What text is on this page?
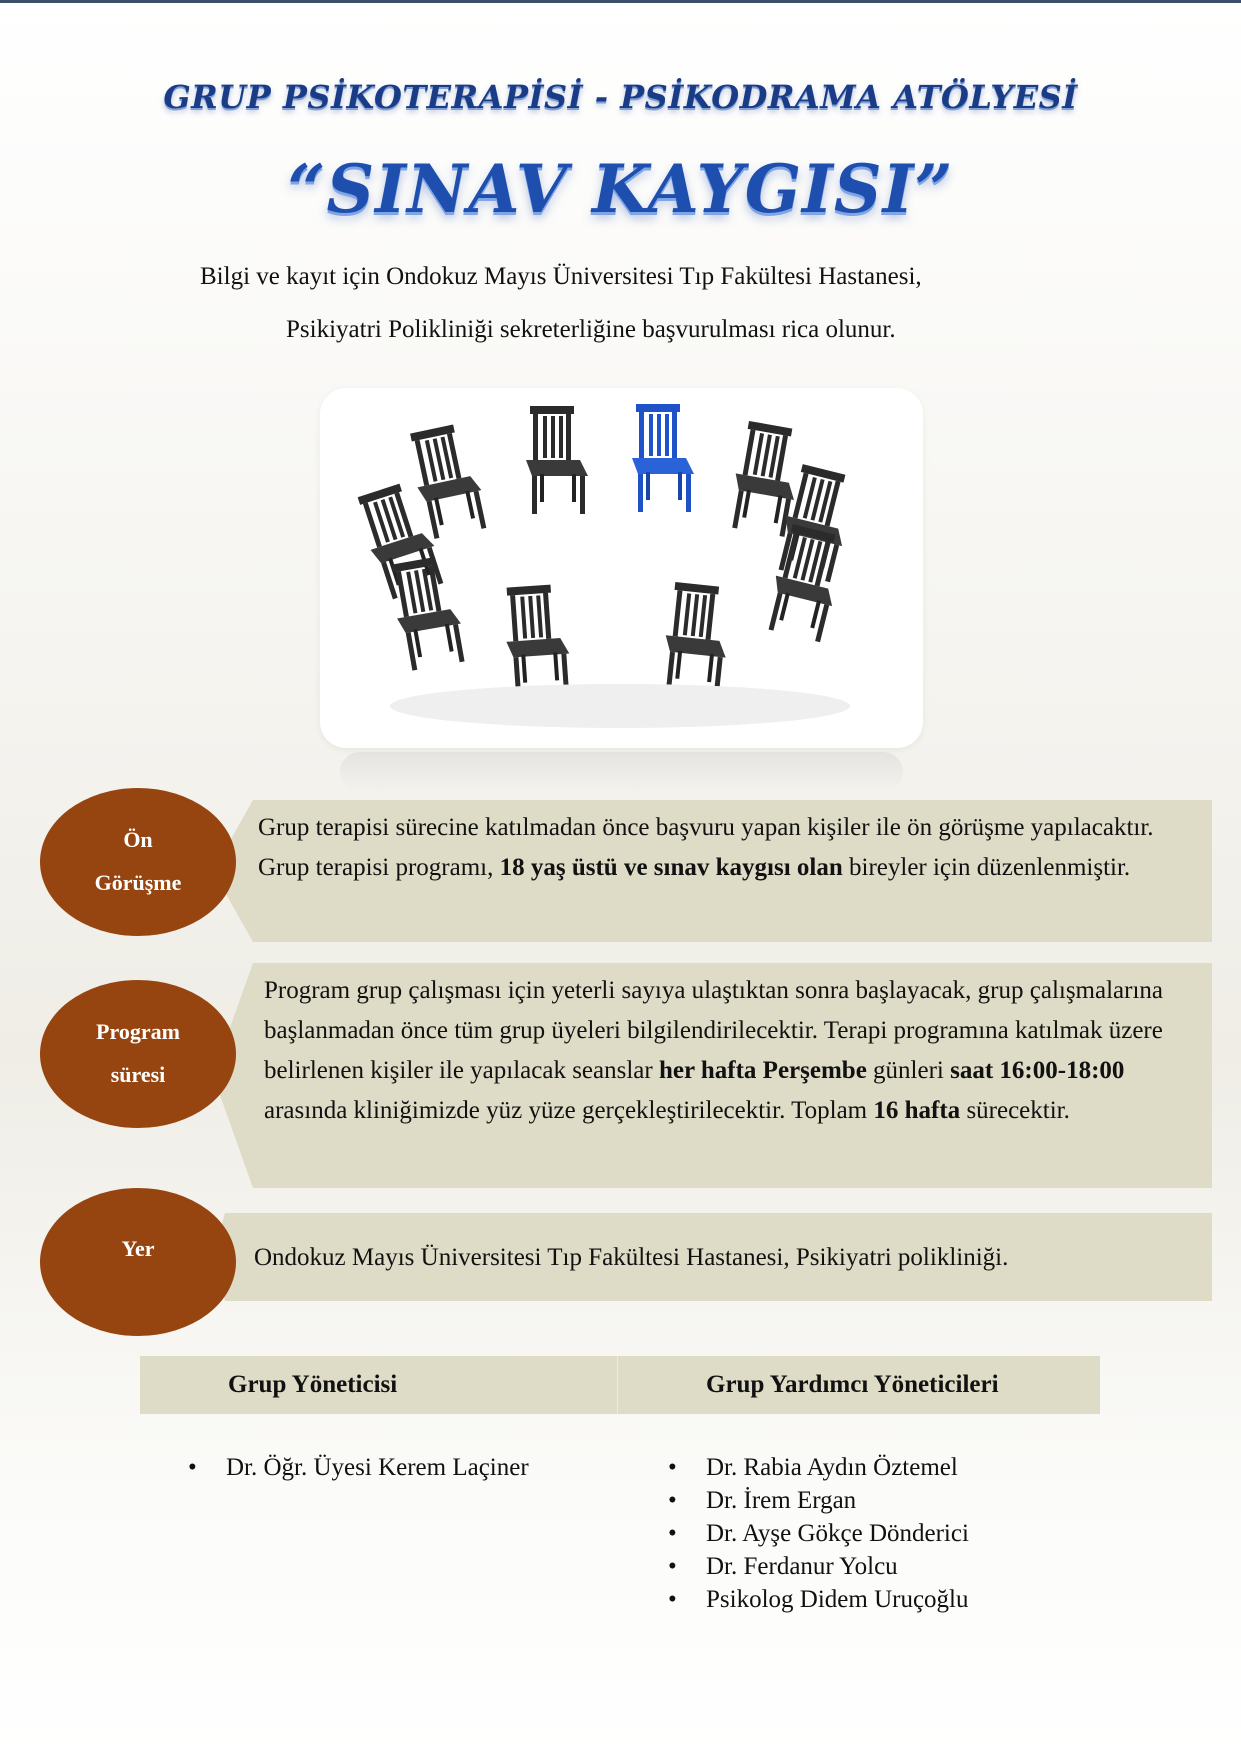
GRUP PSİKOTERAPİSİ - PSİKODRAMA ATÖLYESİ
“SINAV KAYGISI”
Bilgi ve kayıt için Ondokuz Mayıs Üniversitesi Tıp Fakültesi Hastanesi,
Psikiyatri Polikliniği sekreterliğine başvurulması rica olunur.
Ön
Görüşme
Grup terapisi sürecine katılmadan önce başvuru yapan kişiler ile ön görüşme yapılacaktır. Grup terapisi programı, 18 yaş üstü ve sınav kaygısı olan bireyler için düzenlenmiştir.
Program
süresi
Program grup çalışması için yeterli sayıya ulaştıktan sonra başlayacak, grup çalışmalarına başlanmadan önce tüm grup üyeleri bilgilendirilecektir. Terapi programına katılmak üzere belirlenen kişiler ile yapılacak seanslar her hafta Perşembe günleri saat 16:00-18:00 arasında kliniğimizde yüz yüze gerçekleştirilecektir. Toplam 16 hafta sürecektir.
Yer	Ondokuz Mayıs Üniversitesi Tıp Fakültesi Hastanesi, Psikiyatri polikliniği.
Grup Yöneticisi	Grup Yardımcı Yöneticileri
•	Dr. Öğr. Üyesi Kerem Laçiner	•	Dr. Rabia Aydın Öztemel
•	Dr. İrem Ergan
•	Dr. Ayşe Gökçe Dönderici
•	Dr. Ferdanur Yolcu
•	Psikolog Didem Uruçoğlu
